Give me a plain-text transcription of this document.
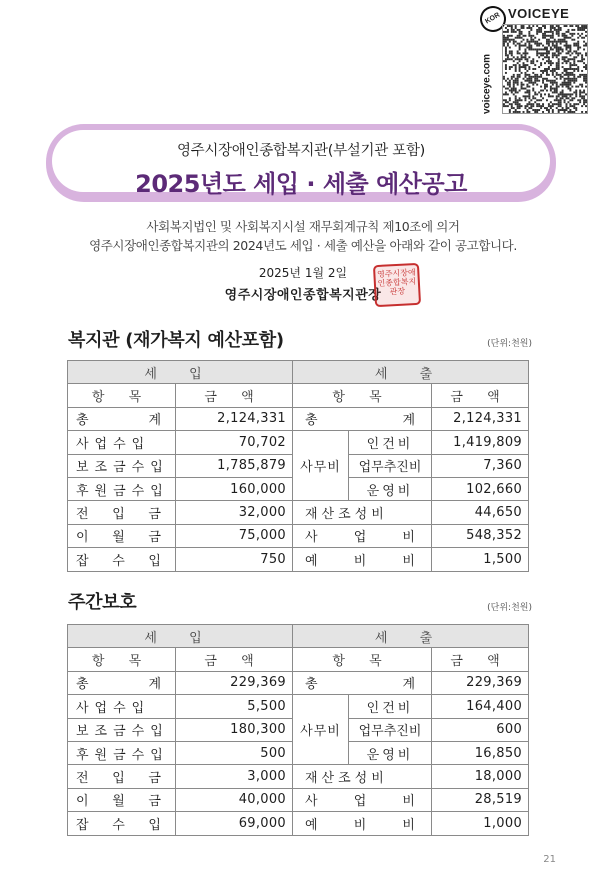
KOR VOICEYE
voiceye.com
영주시장애인종합복지관(부설기관 포함)
2025년도 세입 · 세출 예산공고
사회복지법인 및 사회복지시설 재무회계규칙 제10조에 의거
영주시장애인종합복지관의 2024년도 세입 · 세출 예산을 아래와 같이 공고합니다.
2025년 1월 2일
영주시장애인종합복지관장
영주시장애인종합복지관장
복지관 (재가복지 예산포함)	(단위:천원)
세 입		세 출		
항 목	금 액	항 목		금 액
총 계	2,124,331	총 계		2,124,331
사업수입	70,702	사무비	인건비	1,419,809
보조금수입	1,785,879		업무추진비	7,360
후원금수입	160,000		운영비	102,660
전 입 금	32,000	재산조성비		44,650
이 월 금	75,000	사 업 비		548,352
잡 수 입	750	예 비 비		1,500
주간보호	(단위:천원)
세 입		세 출		
항 목	금 액	항 목		금 액
총 계	229,369	총 계		229,369
사업수입	5,500	사무비	인건비	164,400
보조금수입	180,300		업무추진비	600
후원금수입	500		운영비	16,850
전 입 금	3,000	재산조성비		18,000
이 월 금	40,000	사 업 비		28,519
잡 수 입	69,000	예 비 비		1,000
21
